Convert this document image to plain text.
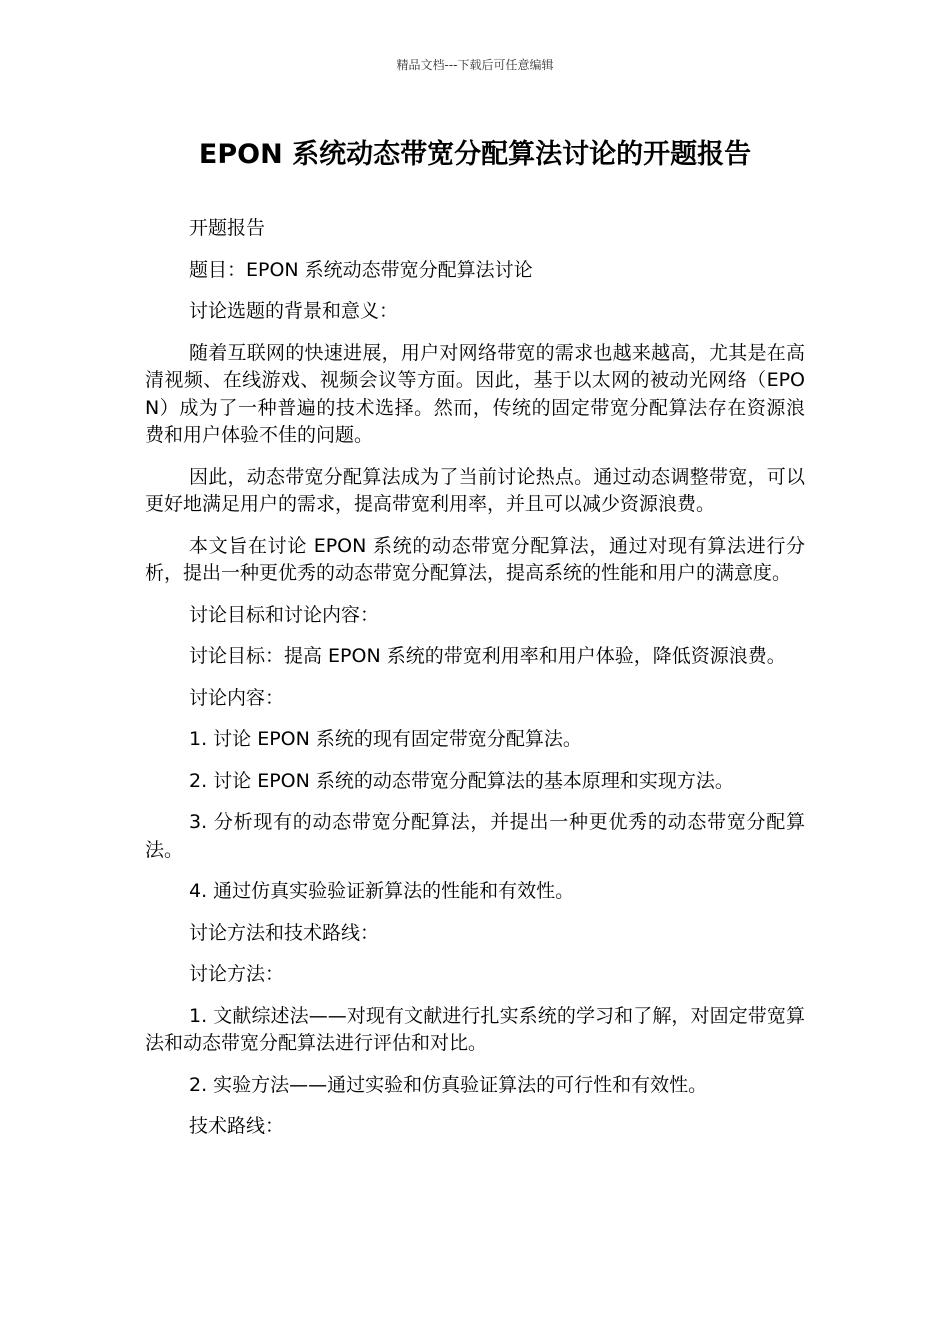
精品文档---下载后可任意编辑
EPON 系统动态带宽分配算法讨论的开题报告

开题报告

题目：EPON 系统动态带宽分配算法讨论

讨论选题的背景和意义：

随着互联网的快速进展，用户对网络带宽的需求也越来越高，尤其是在高清视频、在线游戏、视频会议等方面。因此，基于以太网的被动光网络（EPON）成为了一种普遍的技术选择。然而，传统的固定带宽分配算法存在资源浪费和用户体验不佳的问题。

因此，动态带宽分配算法成为了当前讨论热点。通过动态调整带宽，可以更好地满足用户的需求，提高带宽利用率，并且可以减少资源浪费。

本文旨在讨论 EPON 系统的动态带宽分配算法，通过对现有算法进行分析，提出一种更优秀的动态带宽分配算法，提高系统的性能和用户的满意度。

讨论目标和讨论内容：

讨论目标：提高 EPON 系统的带宽利用率和用户体验，降低资源浪费。

讨论内容：

1. 讨论 EPON 系统的现有固定带宽分配算法。

2. 讨论 EPON 系统的动态带宽分配算法的基本原理和实现方法。

3. 分析现有的动态带宽分配算法，并提出一种更优秀的动态带宽分配算法。

4. 通过仿真实验验证新算法的性能和有效性。

讨论方法和技术路线：

讨论方法：

1. 文献综述法——对现有文献进行扎实系统的学习和了解，对固定带宽算法和动态带宽分配算法进行评估和对比。

2. 实验方法——通过实验和仿真验证算法的可行性和有效性。

技术路线：
